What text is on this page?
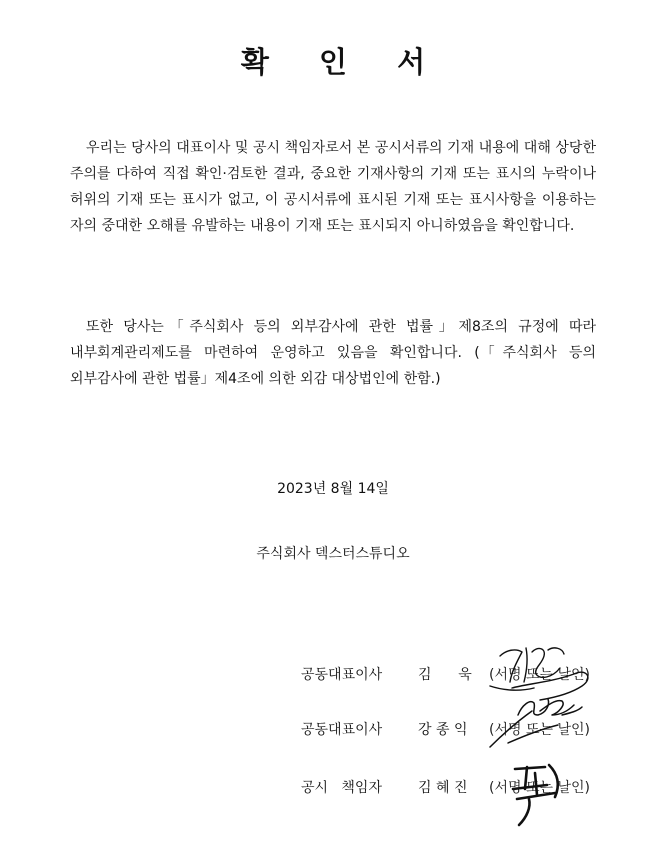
확 인 서
우리는 당사의 대표이사 및 공시 책임자로서 본 공시서류의 기재 내용에 대해 상당한 주의를 다하여 직접 확인·검토한 결과, 중요한 기재사항의 기재 또는 표시의 누락이나 허위의 기재 또는 표시가 없고, 이 공시서류에 표시된 기재 또는 표시사항을 이용하는 자의 중대한 오해를 유발하는 내용이 기재 또는 표시되지 아니하였음을 확인합니다.
또한 당사는「주식회사 등의 외부감사에 관한 법률」제8조의 규정에 따라 내부회계관리제도를 마련하여 운영하고 있음을 확인합니다. (「주식회사 등의 외부감사에 관한 법률」제4조에 의한 외감 대상법인에 한함.)
2023년 8월 14일
주식회사 덱스터스튜디오
공동대표이사	김      욱 (서명 또는 날인)
공동대표이사	강 종 익 (서명 또는 날인)
공시   책임자	김 혜 진 (서명 또는 날인)
